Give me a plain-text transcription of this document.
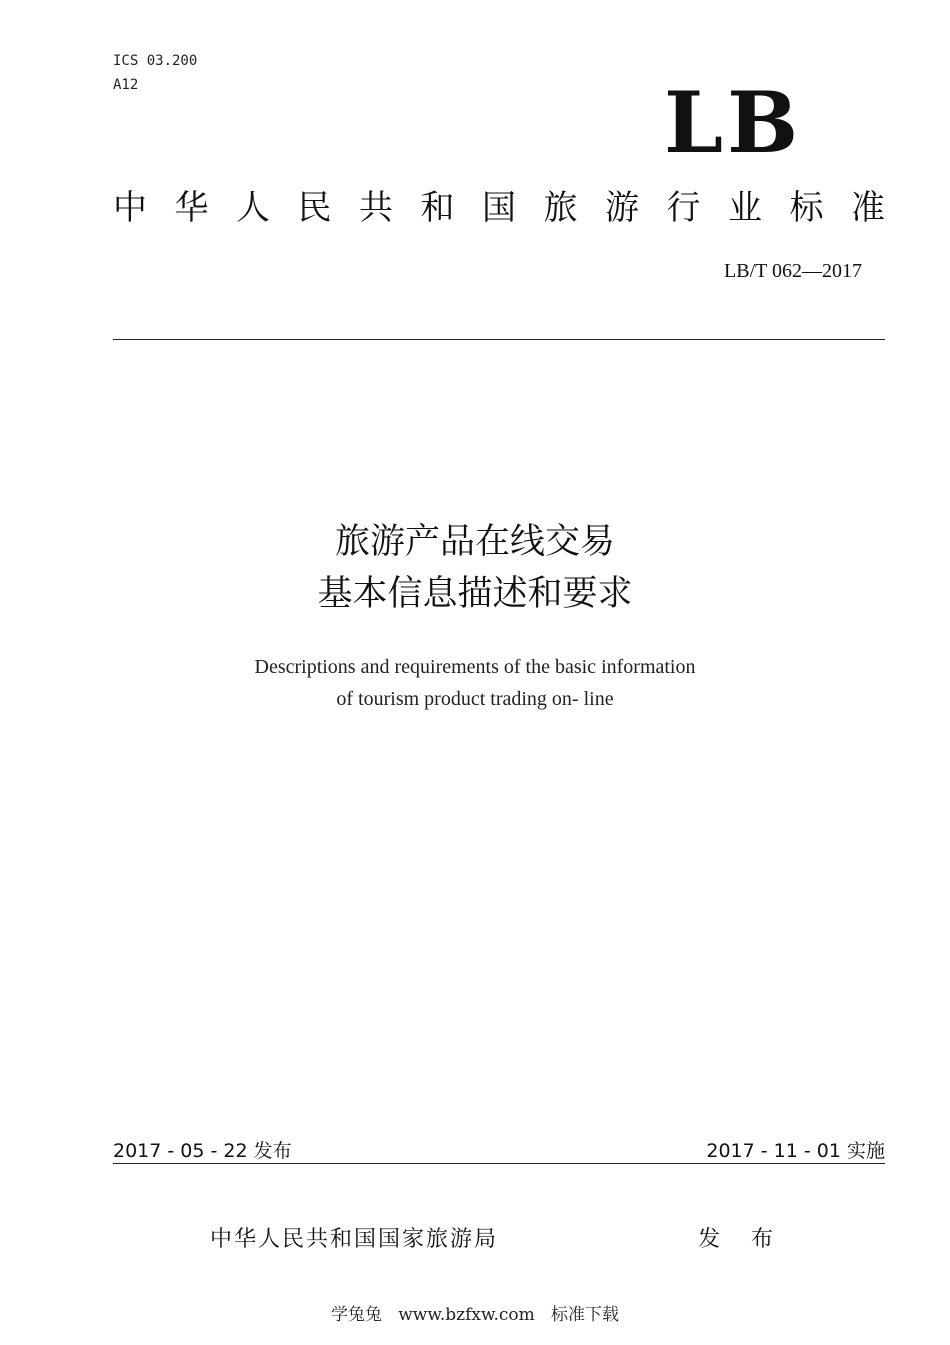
ICS 03.200
A12	LB
中 华 人 民 共 和 国 旅 游 行 业 标 准
LB/T 062—2017
旅游产品在线交易
基本信息描述和要求
Descriptions and requirements of the basic information
of tourism product trading on- line
2017 - 05 - 22 发布	2017 - 11 - 01 实施
中华人民共和国国家旅游局	发 布
学兔兔   www.bzfxw.com   标准下载
